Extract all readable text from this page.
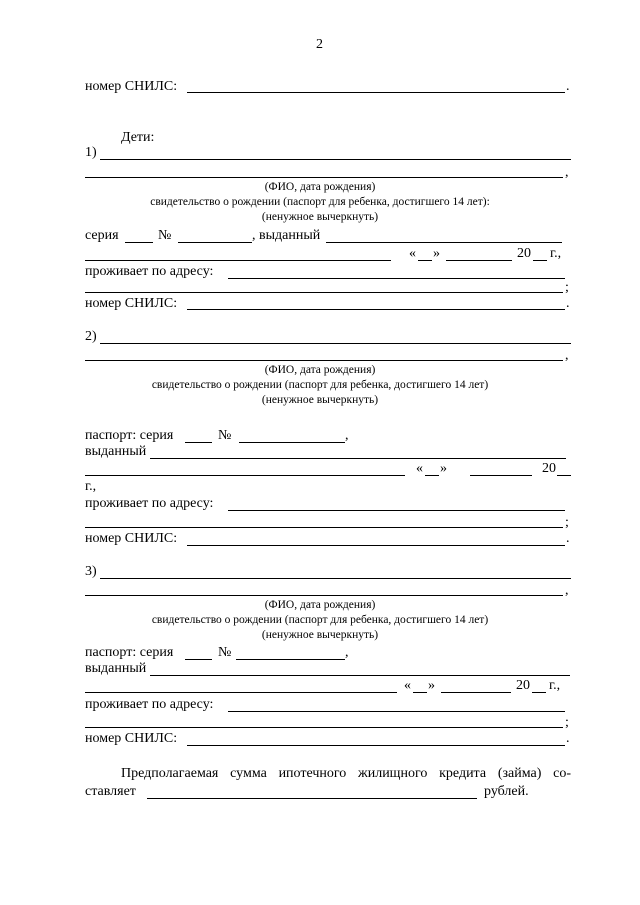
2
номер СНИЛС:	.
Дети:
1)
,
(ФИО, дата рождения)
свидетельство о рождении (паспорт для ребенка, достигшего 14 лет):
(ненужное вычеркнуть)
серия	№	, выданный
« »	20 г.,
проживает по адресу:
;
номер СНИЛС:	.
2)
,
(ФИО, дата рождения)
свидетельство о рождении (паспорт для ребенка, достигшего 14 лет)
(ненужное вычеркнуть)
паспорт: серия	№	,
выданный
« »	20
г.,
проживает по адресу:
;
номер СНИЛС:	.
3)
,
(ФИО, дата рождения)
свидетельство о рождении (паспорт для ребенка, достигшего 14 лет)
(ненужное вычеркнуть)
паспорт: серия	№	,
выданный
« »	20 г.,
проживает по адресу:
;
номер СНИЛС:	.
Предполагаемая сумма ипотечного жилищного кредита (займа) со-
ставляет	рублей.
